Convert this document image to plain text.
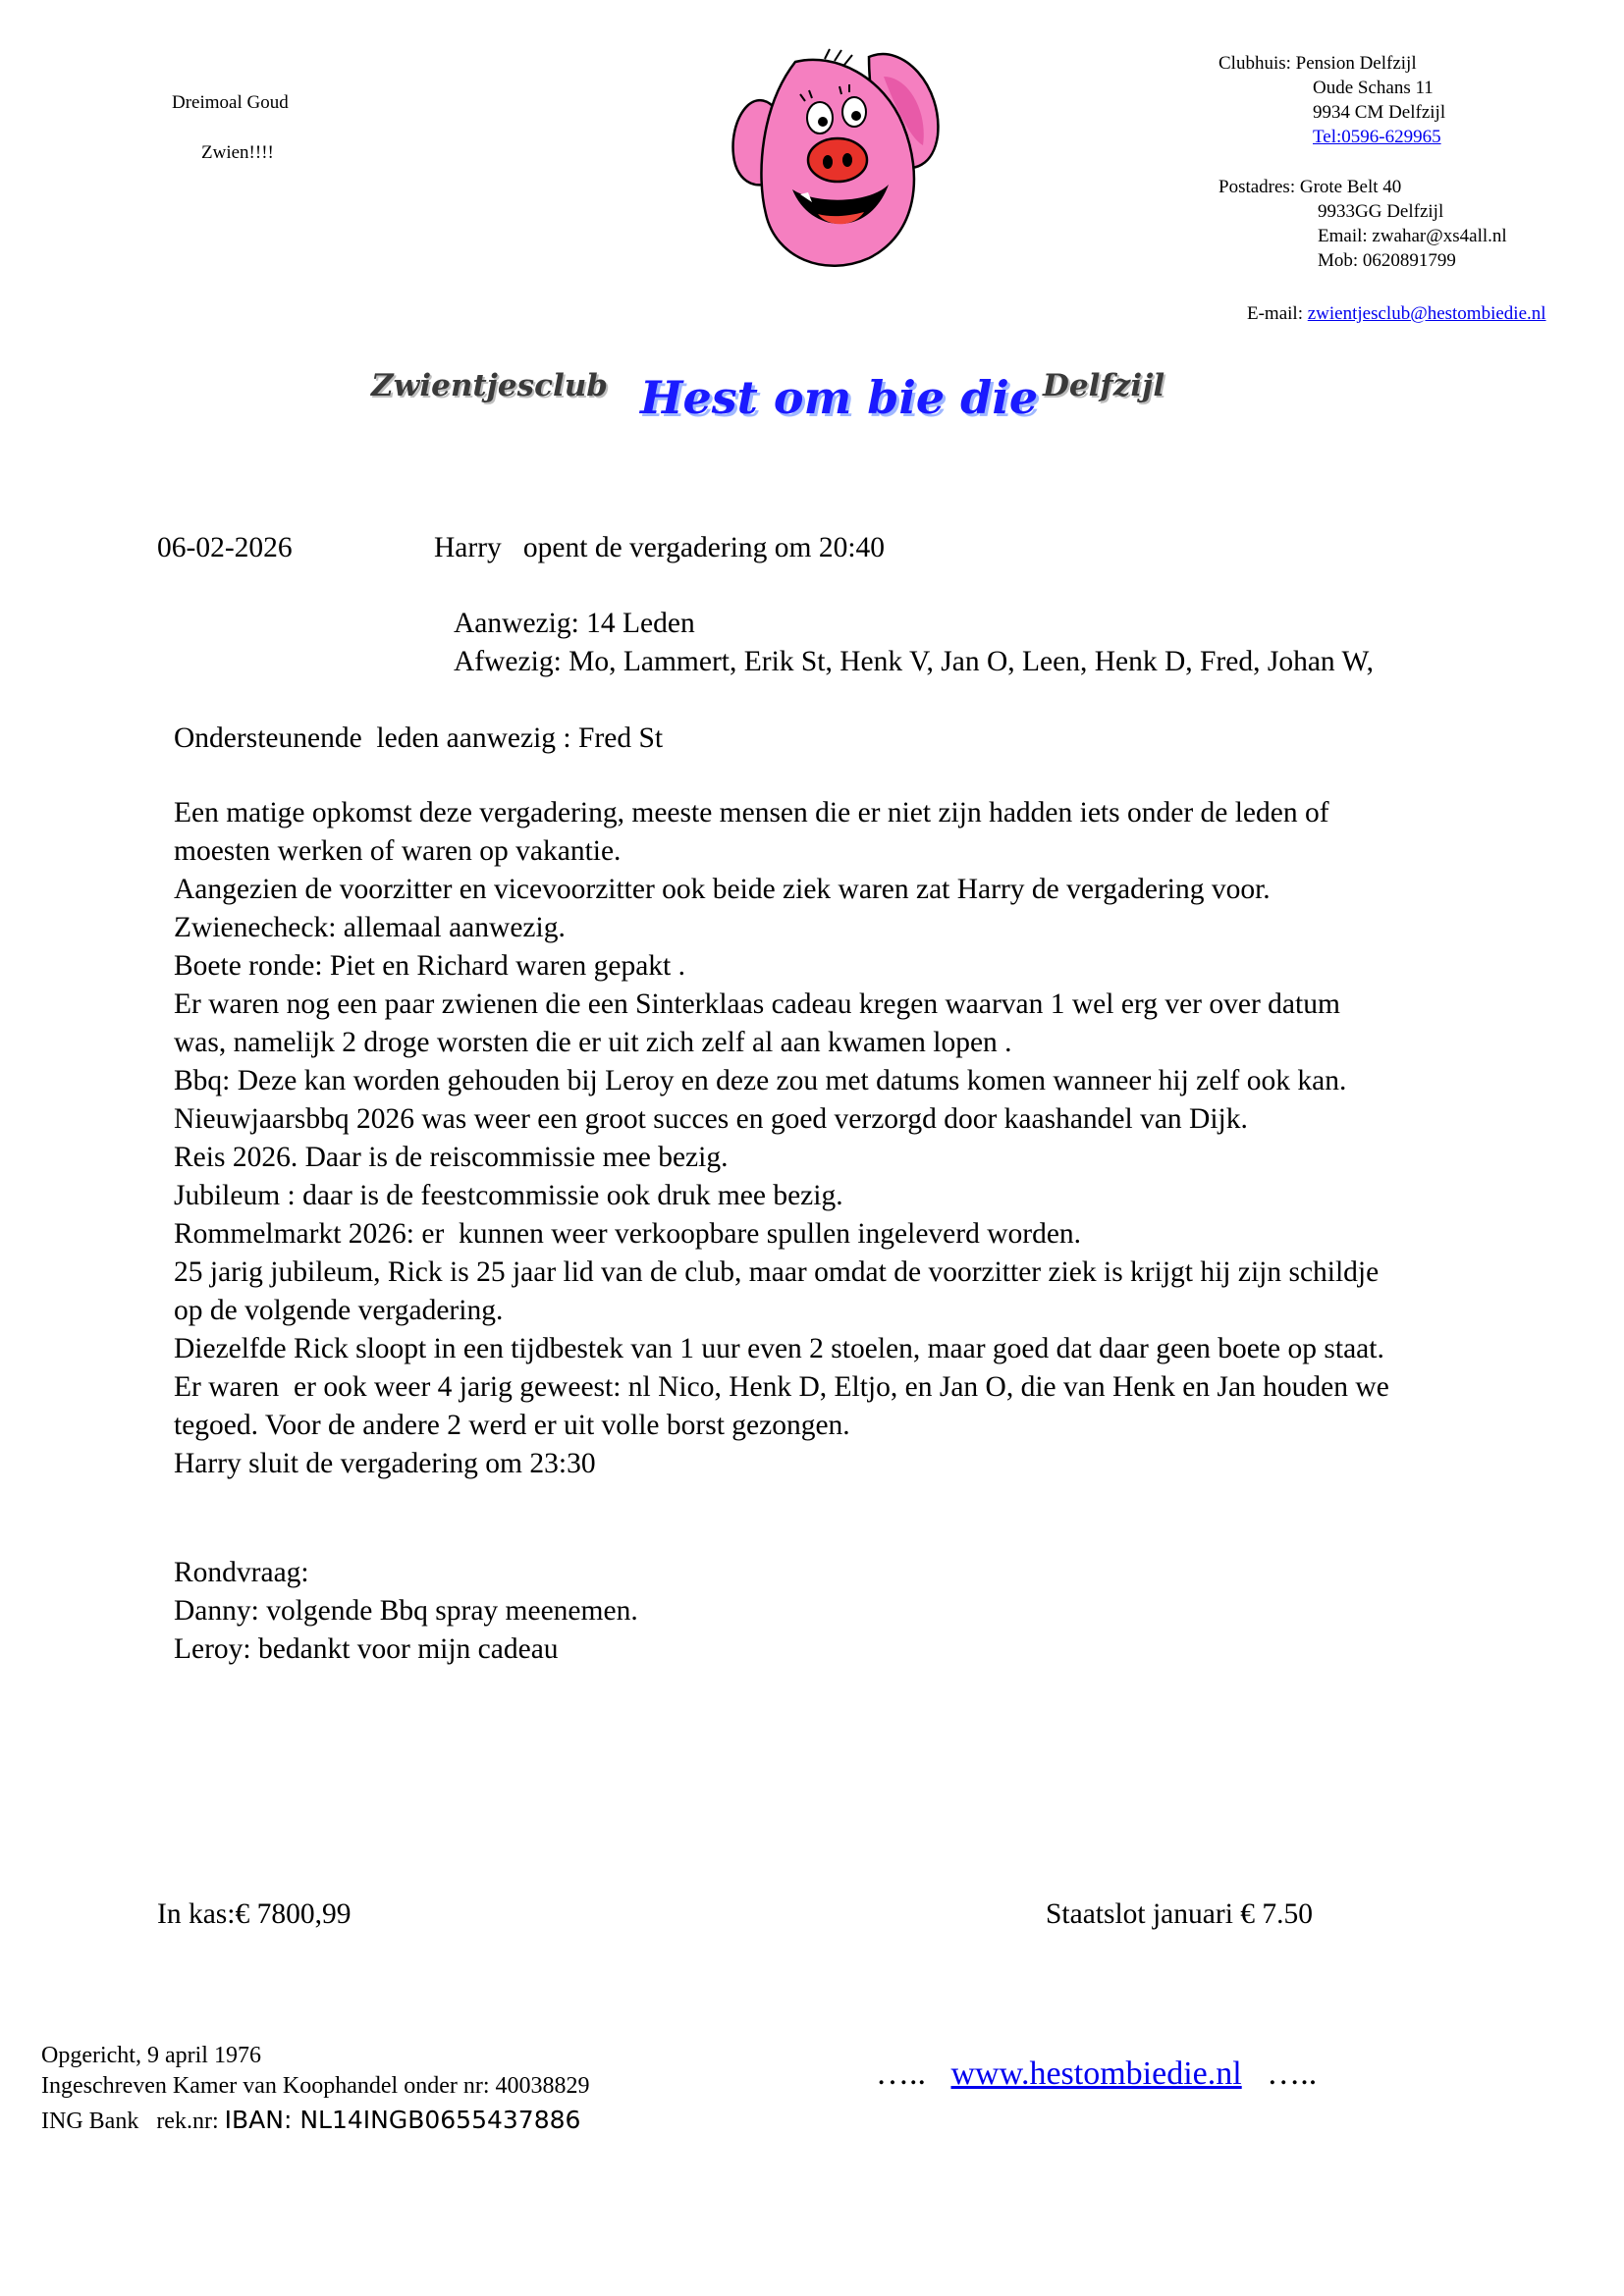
Dreimoal Goud
Zwien!!!!
Clubhuis: Pension Delfzijl
Oude Schans 11
9934 CM Delfzijl
Tel:0596-629965
Postadres: Grote Belt 40
9933GG Delfzijl
Email: zwahar@xs4all.nl
Mob: 0620891799
E-mail: zwientjesclub@hestombiedie.nl
Zwientjesclub Hest om bie die Delfzijl
06-02-2026	Harry   opent de vergadering om 20:40
Aanwezig: 14 Leden
Afwezig: Mo, Lammert, Erik St, Henk V, Jan O, Leen, Henk D, Fred, Johan W,
Ondersteunende  leden aanwezig : Fred St
Een matige opkomst deze vergadering, meeste mensen die er niet zijn hadden iets onder de leden of
moesten werken of waren op vakantie.
Aangezien de voorzitter en vicevoorzitter ook beide ziek waren zat Harry de vergadering voor.
Zwienecheck: allemaal aanwezig.
Boete ronde: Piet en Richard waren gepakt .
Er waren nog een paar zwienen die een Sinterklaas cadeau kregen waarvan 1 wel erg ver over datum
was, namelijk 2 droge worsten die er uit zich zelf al aan kwamen lopen .
Bbq: Deze kan worden gehouden bij Leroy en deze zou met datums komen wanneer hij zelf ook kan.
Nieuwjaarsbbq 2026 was weer een groot succes en goed verzorgd door kaashandel van Dijk.
Reis 2026. Daar is de reiscommissie mee bezig.
Jubileum : daar is de feestcommissie ook druk mee bezig.
Rommelmarkt 2026: er  kunnen weer verkoopbare spullen ingeleverd worden.
25 jarig jubileum, Rick is 25 jaar lid van de club, maar omdat de voorzitter ziek is krijgt hij zijn schildje
op de volgende vergadering.
Diezelfde Rick sloopt in een tijdbestek van 1 uur even 2 stoelen, maar goed dat daar geen boete op staat.
Er waren  er ook weer 4 jarig geweest: nl Nico, Henk D, Eltjo, en Jan O, die van Henk en Jan houden we
tegoed. Voor de andere 2 werd er uit volle borst gezongen.
Harry sluit de vergadering om 23:30
Rondvraag:
Danny: volgende Bbq spray meenemen.
Leroy: bedankt voor mijn cadeau
In kas:€ 7800,99	Staatslot januari € 7.50
Opgericht, 9 april 1976
Ingeschreven Kamer van Koophandel onder nr: 40038829
ING Bank   rek.nr: IBAN: NL14INGB0655437886
….. www.hestombiedie.nl …..
